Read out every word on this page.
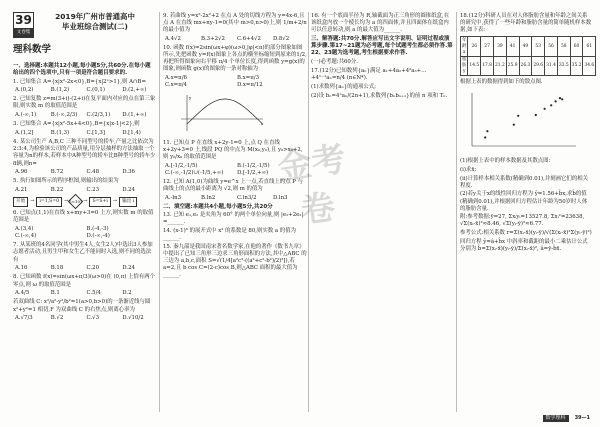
39
文卷集
2019年广州市普通高中
毕业班综合测试(二)
理科数学
一、选择题:本题共12小题,每小题5分,共60分.在每小题给出的四个选项中,只有一项是符合题目要求的.
1. 已知集合 A={x|x²-2x<0},B={x|2ˣ>1},则 A∩B=
A.(0,2)	B.(1,2)	C.(0,1)	D.(2,+∞)
2. 已知复数 z=m(3+i)-(2+i)在复平面内对应的点在第三象限,则实数 m 的取值范围是
A.(-∞,1)	B.(-∞,2/3)	C.(2/3,1)	D.(1,+∞)
3. 已知集合 A={x|x²-5x+4<0},B={x|x-1|<2},则
A.(1,2]	B.(1,3)	C.[1,3]	D.[1,4)
4. 某公司生产 A,B,C 三种不同型号的轿车,产量之比依次为2:3:4,为检验该公司的产品质量,用分层抽样的方法抽取一个容量为n的样本,若样本中A种型号的轿车比B种型号的轿车少8辆,则n=
A.96	B.72	C.48	D.36
5. 执行如图所示的程序框图,则输出的结果为
A.21	B.22	C.23	D.24
开始	→	i=1,S=0	→ S<10? →	S=S+i	→	输出 i
6. 已知点(1,1)在直线 x+my+3=0 上方,则实数 m 的取值范围是
A.(3,4)	B.(-4,-3)
C.(-∞,4)	D.(-∞,-4)
7. 从某班的4名同学(其中男生4人,女生2人)中选出3人参加志愿者活动,且男生甲和女生乙不能同时入选,则不同的选法有
A.16	B.18	C.20	D.24
8. 已知函数 f(x)=sin(ωx+π/3)(ω>0)在 (0,π) 上恰有两个零点,则 ω 的取值范围是
A.4/5	B.1	C.5/4	D.2
若双曲线 C: x²/a²-y²/b²=1(a>0,b>0)的一条渐近线与圆 x²+y²=1 相切,F 为双曲线 C 的右焦点,则离心率为
A.√7/3	B.√2	C.√3	D.√10/2
9. 若曲线 y=x²-2x²+2 在点 A 处的切线方程为 y=4x-6,且点 A 在直线 mx+ny-1=0(其中 m>0,n>0)上,则 1/m+2/n 的最小值为
A.4√2	B.3+2√2	C.6+4√2	D.8√2
10. 函数 f(x)=2sin(ωx+φ)(ω>0,|φ|<π)的部分图象如图所示,先把函数 y=f(x)图象上各点的横坐标缩短到原来的1/2,再把所得图象向右平移 π/4 个单位长度,得到函数 y=g(x)的图象,则函数 g(x)的图象的一条对称轴为
A.x=π/6	B.x=π/3
C.x=π/4	D.x=π/12
y
x
11. 已知点 P 在直线 x+2y-1=0 上,点 Q 在直线 x+2y+3=0 上,线段 PQ 的中点为 M(x₀,y₀),且 y₀>x₀+2,则 y₀/x₀ 的取值范围是
A.[-1/2,-1/5)	B.(-1/2,-1/5)
C.(-∞,-1/2)∪(-1/5,+∞)	D.[-1/2,+∞)
12. 已知 A(1,0)为曲线 y=e^x 上一点,若直线上的点 P 与曲线上的点的最小距离为 √2,则 m 的值为
A.-ln3	B.ln2	C.ln3/2	D.ln3
二、填空题:本题共4小题,每小题5分,共20分
13. 已知 e₁,e₂ 是夹角为 60° 的两个单位向量,则 |e₁+2e₂| =______.
14. (x-1)⁶ 的展开式中 x² 的系数是 80,则实数 a 的值为______.
15. 秦九韶是我国南宋著名数学家,在他的著作《数书九章》中提出了已知三角形三边求三角形面积的方法,其中△ABC 的三边为 a,b,c,面积 S=√(1/4[a²c²-((a²+c²-b²)/2)²]),若 a=2,且 b cos C=(2-c)cos B,则△ABC 面积的最大值为______.
16. 有一个底面半径为 R,轴截面为正三角形的圆锥纸盒,在该纸盒内放一个棱长均为 a 的四面体,并且四面体在纸盒内可以任意转动,则 a 的最大值为______.
三、解答题:共70分.解答应写出文字说明、证明过程或演算步骤.第17~21题为必考题,每个试题考生都必须作答.第22、23题为选考题,考生根据要求作答.
(一)必考题:共60分.
17.(12分)已知数列{aₙ}满足 a₁+4a₂+4²a₃+…+4ⁿ⁻¹aₙ=n/4 (n∈N*).
(1)求数列{aₙ}的通项公式;
(2)设 bₙ=4ⁿaₙ/(2n+1),求数列{bₙbₙ₊₁}的前 n 项和 Tₙ.
18.(12分)科研人员在对人体脂肪含量和年龄之间关系的研究中,获得了一些年龄和脂肪含量的简单随机样本数据,如下表:
年龄x	26	27	39	41	49	53	56	58	60	61
脂肪y	14.5	17.8	21.2	25.9	26.3	29.6	31.4	33.5	35.2	34.6
根据上表的数据得到如下的散点图.
(1)根据上表中的样本数据及其散点图:
(i)求x̄;
(ii)计算样本相关系数(精确到0.01),并刻画它们的相关程度.
(2)若y关于x的线性回归方程为 ŷ=1.56+b̂x,求b̂的值(精确到0.01),并根据回归方程估计年龄为50岁时人体的脂肪含量.
附:参考数据:ȳ=27, Σxᵢyᵢ=13527.8, Σxᵢ²=23638, √Σ(xᵢ-x̄)²≈8.46, √Σ(yᵢ-ȳ)²≈6.77.
参考公式:相关系数 r=Σ(xᵢ-x̄)(yᵢ-ȳ)/√(Σ(xᵢ-x̄)²Σ(yᵢ-ȳ)²)
回归方程 ŷ=â+b̂x 中斜率和截距的最小二乘估计公式分别为 b̂=Σ(xᵢ-x̄)(yᵢ-ȳ)/Σ(xᵢ-x̄)², â=ȳ-b̂x̄.
金考卷
数学理科	39—1
